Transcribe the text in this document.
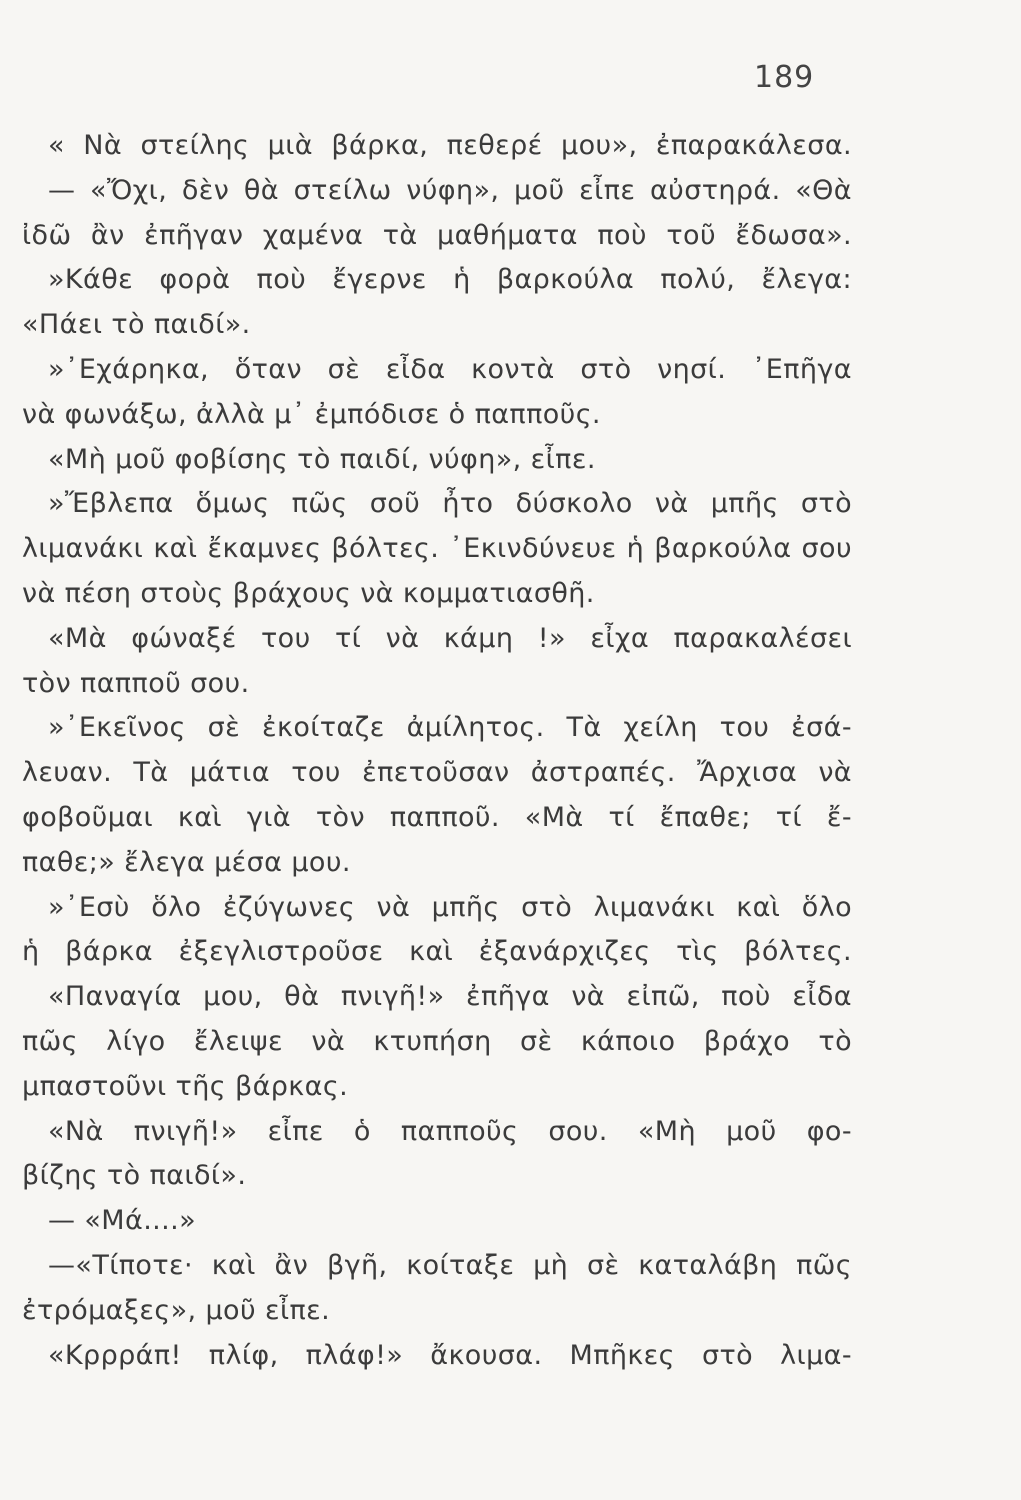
189
« Νὰ στείλης μιὰ βάρκα, πεθερέ μου», ἐπαρακάλεσα.
— «Ὄχι, δὲν θὰ στείλω νύφη», μοῦ εἶπε αὐστηρά. «Θὰ
ἰδῶ ἂν ἐπῆγαν χαμένα τὰ μαθήματα ποὺ τοῦ ἔδωσα».
»Κάθε φορὰ ποὺ ἔγερνε ἡ βαρκούλα πολύ, ἔλεγα:
«Πάει τὸ παιδί».
»᾿Εχάρηκα, ὅταν σὲ εἶδα κοντὰ στὸ νησί. ᾿Επῆγα
νὰ φωνάξω, ἀλλὰ μ᾿ ἐμπόδισε ὁ παπποῦς.
«Μὴ μοῦ φοβίσης τὸ παιδί, νύφη», εἶπε.
»Ἔβλεπα ὅμως πῶς σοῦ ἦτο δύσκολο νὰ μπῆς στὸ
λιμανάκι καὶ ἔκαμνες βόλτες. ᾿Εκινδύνευε ἡ βαρκούλα σου
νὰ πέση στοὺς βράχους νὰ κομματιασθῆ.
«Μὰ φώναξέ του τί νὰ κάμη !» εἶχα παρακαλέσει
τὸν παπποῦ σου.
»᾿Εκεῖνος σὲ ἐκοίταζε ἀμίλητος. Τὰ χείλη του ἐσά-
λευαν. Τὰ μάτια του ἐπετοῦσαν ἀστραπές. Ἄρχισα νὰ
φοβοῦμαι καὶ γιὰ τὸν παπποῦ. «Μὰ τί ἔπαθε; τί ἔ-
παθε;» ἔλεγα μέσα μου.
»᾿Εσὺ ὅλο ἐζύγωνες νὰ μπῆς στὸ λιμανάκι καὶ ὅλο
ἡ βάρκα ἐξεγλιστροῦσε καὶ ἐξανάρχιζες τὶς βόλτες.
«Παναγία μου, θὰ πνιγῆ!» ἐπῆγα νὰ εἰπῶ, ποὺ εἶδα
πῶς λίγο ἔλειψε νὰ κτυπήση σὲ κάποιο βράχο τὸ
μπαστοῦνι τῆς βάρκας.
«Νὰ πνιγῆ!» εἶπε ὁ παπποῦς σου. «Μὴ μοῦ φο-
βίζης τὸ παιδί».
— «Μά....»
—«Τίποτε· καὶ ἂν βγῆ, κοίταξε μὴ σὲ καταλάβη πῶς
ἐτρόμαξες», μοῦ εἶπε.
«Κρρράπ! πλίφ, πλάφ!» ἄκουσα. Μπῆκες στὸ λιμα-
